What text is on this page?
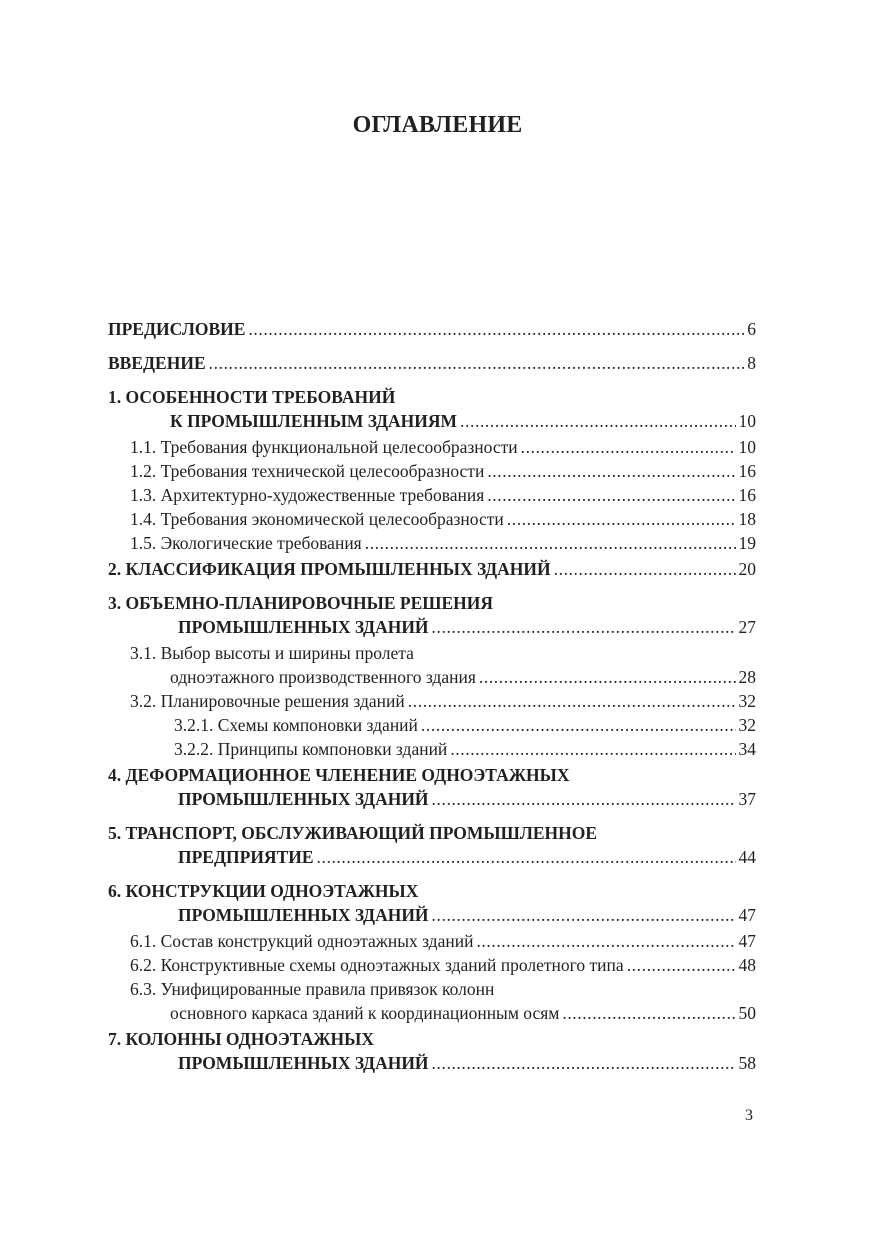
ОГЛАВЛЕНИЕ
ПРЕДИСЛОВИЕ .....	6
ВВЕДЕНИЕ .....	8
1. ОСОБЕННОСТИ ТРЕБОВАНИЙ
К ПРОМЫШЛЕННЫМ ЗДАНИЯМ .....	10
1.1. Требования функциональной целесообразности .....	10
1.2. Требования технической целесообразности .....	16
1.3. Архитектурно-художественные требования .....	16
1.4. Требования экономической целесообразности .....	18
1.5. Экологические требования .....	19
2. КЛАССИФИКАЦИЯ ПРОМЫШЛЕННЫХ ЗДАНИЙ .....	20
3. ОБЪЕМНО-ПЛАНИРОВОЧНЫЕ РЕШЕНИЯ
ПРОМЫШЛЕННЫХ ЗДАНИЙ .....	27
3.1. Выбор высоты и ширины пролета
одноэтажного производственного здания .....	28
3.2. Планировочные решения зданий .....	32
3.2.1. Схемы компоновки зданий .....	32
3.2.2. Принципы компоновки зданий .....	34
4. ДЕФОРМАЦИОННОЕ ЧЛЕНЕНИЕ ОДНОЭТАЖНЫХ
ПРОМЫШЛЕННЫХ ЗДАНИЙ .....	37
5. ТРАНСПОРТ, ОБСЛУЖИВАЮЩИЙ ПРОМЫШЛЕННОЕ
ПРЕДПРИЯТИЕ .....	44
6. КОНСТРУКЦИИ ОДНОЭТАЖНЫХ
ПРОМЫШЛЕННЫХ ЗДАНИЙ .....	47
6.1. Состав конструкций одноэтажных зданий .....	47
6.2. Конструктивные схемы одноэтажных зданий пролетного типа .....	48
6.3. Унифицированные правила привязок колонн
основного каркаса зданий к координационным осям .....	50
7. КОЛОННЫ ОДНОЭТАЖНЫХ
ПРОМЫШЛЕННЫХ ЗДАНИЙ .....	58
3
